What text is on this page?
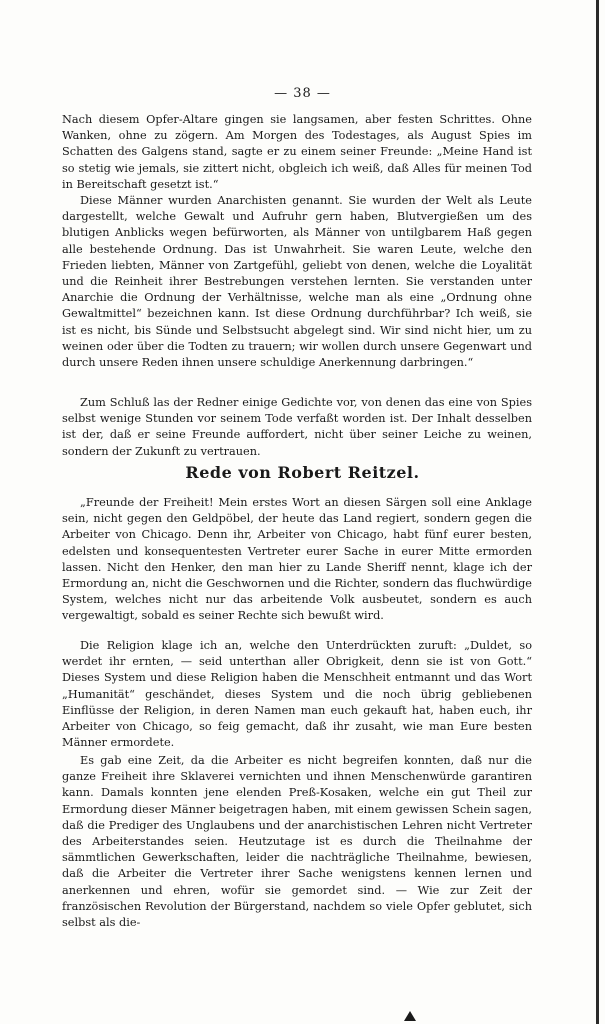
— 38 —

Nach diesem Opfer-Altare gingen sie langsamen, aber festen Schrittes. Ohne Wanken, ohne zu zögern. Am Morgen des Todestages, als August Spies im Schatten des Galgens stand, sagte er zu einem seiner Freunde: „Meine Hand ist so stetig wie jemals, sie zittert nicht, obgleich ich weiß, daß Alles für meinen Tod in Bereitschaft gesetzt ist.“

Diese Männer wurden Anarchisten genannt. Sie wurden der Welt als Leute dargestellt, welche Gewalt und Aufruhr gern haben, Blutvergießen um des blutigen Anblicks wegen befürworten, als Männer von untilgbarem Haß gegen alle bestehende Ordnung. Das ist Unwahrheit. Sie waren Leute, welche den Frieden liebten, Männer von Zartgefühl, geliebt von denen, welche die Loyalität und die Reinheit ihrer Bestrebungen verstehen lernten. Sie verstanden unter Anarchie die Ordnung der Verhältnisse, welche man als eine „Ordnung ohne Gewaltmittel“ bezeichnen kann. Ist diese Ordnung durchführbar? Ich weiß, sie ist es nicht, bis Sünde und Selbstsucht abgelegt sind. Wir sind nicht hier, um zu weinen oder über die Todten zu trauern; wir wollen durch unsere Gegenwart und durch unsere Reden ihnen unsere schuldige Anerkennung darbringen.“

Zum Schluß las der Redner einige Gedichte vor, von denen das eine von Spies selbst wenige Stunden vor seinem Tode verfaßt worden ist. Der Inhalt desselben ist der, daß er seine Freunde auffordert, nicht über seiner Leiche zu weinen, sondern der Zukunft zu vertrauen.

Rede von Robert Reitzel.

„Freunde der Freiheit! Mein erstes Wort an diesen Särgen soll eine Anklage sein, nicht gegen den Geldpöbel, der heute das Land regiert, sondern gegen die Arbeiter von Chicago. Denn ihr, Arbeiter von Chicago, habt fünf eurer besten, edelsten und konsequentesten Vertreter eurer Sache in eurer Mitte ermorden lassen. Nicht den Henker, den man hier zu Lande Sheriff nennt, klage ich der Ermordung an, nicht die Geschwornen und die Richter, sondern das fluchwürdige System, welches nicht nur das arbeitende Volk ausbeutet, sondern es auch vergewaltigt, sobald es seiner Rechte sich bewußt wird.

Die Religion klage ich an, welche den Unterdrückten zuruft: „Duldet, so werdet ihr ernten, — seid unterthan aller Obrigkeit, denn sie ist von Gott.“ Dieses System und diese Religion haben die Menschheit entmannt und das Wort „Humanität“ geschändet, dieses System und die noch übrig gebliebenen Einflüsse der Religion, in deren Namen man euch gekauft hat, haben euch, ihr Arbeiter von Chicago, so feig gemacht, daß ihr zusaht, wie man Eure besten Männer ermordete.

Es gab eine Zeit, da die Arbeiter es nicht begreifen konnten, daß nur die ganze Freiheit ihre Sklaverei vernichten und ihnen Menschenwürde garantiren kann. Damals konnten jene elenden Preß-Kosaken, welche ein gut Theil zur Ermordung dieser Männer beigetragen haben, mit einem gewissen Schein sagen, daß die Prediger des Unglaubens und der anarchistischen Lehren nicht Vertreter des Arbeiterstandes seien. Heutzutage ist es durch die Theilnahme der sämmtlichen Gewerkschaften, leider die nachträgliche Theilnahme, bewiesen, daß die Arbeiter die Vertreter ihrer Sache wenigstens kennen lernen und anerkennen und ehren, wofür sie gemordet sind. — Wie zur Zeit der französischen Revolution der Bürgerstand, nachdem so viele Opfer geblutet, sich selbst als die-
